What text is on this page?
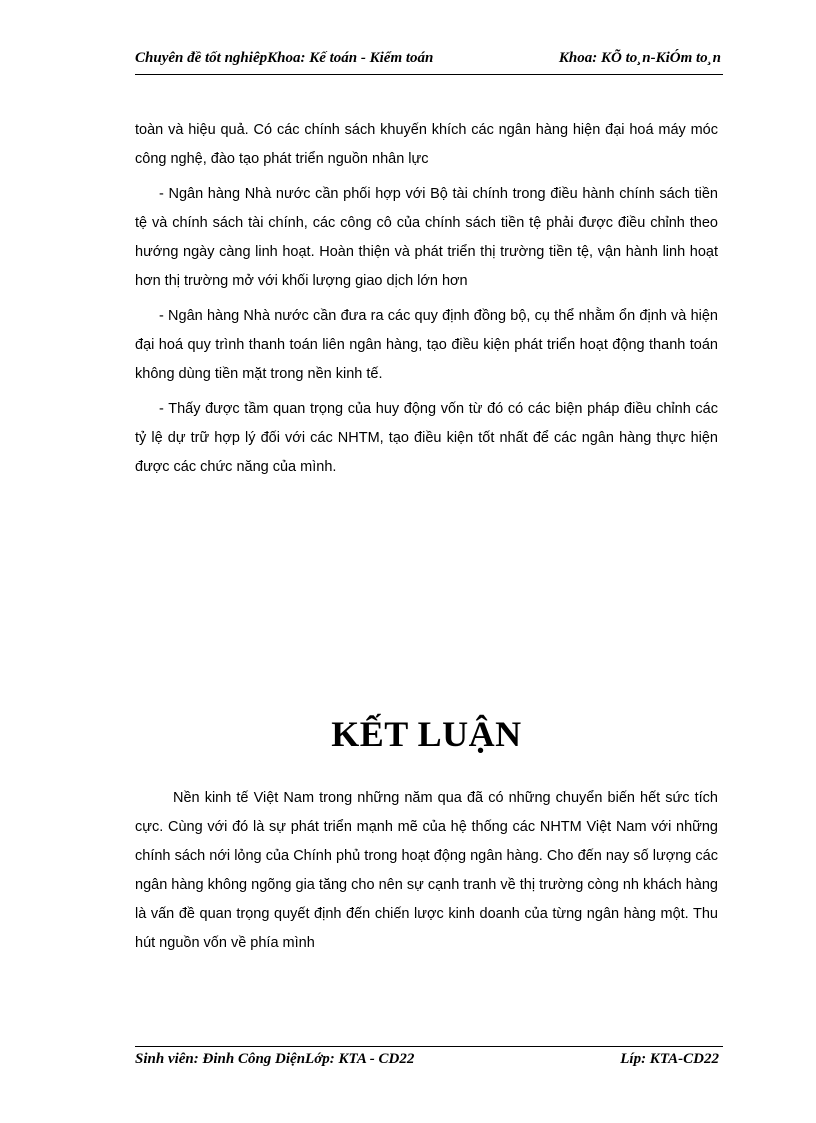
Chuyên đề tốt nghiêpKhoa: Kế toán - Kiểm toán	Khoa: KÕ to¸n-KiÓm to¸n

toàn và hiệu quả. Có các chính sách khuyến khích các ngân hàng hiện đại hoá máy móc công nghệ, đào tạo phát triển nguồn nhân lực

- Ngân hàng Nhà nước cần phối hợp với Bộ tài chính trong điều hành chính sách tiền tệ và chính sách tài chính, các công cô của chính sách tiền tệ phải được điều chỉnh theo hướng ngày càng linh hoạt. Hoàn thiện và phát triển thị trường tiền tệ, vận hành linh hoạt hơn thị trường mở với khối lượng giao dịch lớn hơn

- Ngân hàng Nhà nước cần đưa ra các quy định đồng bộ, cụ thể nhằm ổn định và hiện đại hoá quy trình thanh toán liên ngân hàng, tạo điều kiện phát triển hoạt động thanh toán không dùng tiền mặt trong nền kinh tế.

- Thấy được tầm quan trọng của huy động vốn từ đó có các biện pháp điều chỉnh các tỷ lệ dự trữ hợp lý đối với các NHTM, tạo điều kiện tốt nhất để các ngân hàng thực hiện được các chức năng của mình.

KẾT LUẬN

Nền kinh tế Việt Nam trong những năm qua đã có những chuyển biến hết sức tích cực. Cùng với đó là sự phát triển mạnh mẽ của hệ thống các NHTM Việt Nam với những chính sách nới lỏng của Chính phủ trong hoạt động ngân hàng. Cho đến nay số lượng các ngân hàng không ngõng gia tăng cho nên sự cạnh tranh về thị trường còng nh khách hàng là vấn đề quan trọng quyết định đến chiến lược kinh doanh của từng ngân hàng một. Thu hút nguồn vốn về phía mình

Sinh viên: Đinh Công DiệnLớp: KTA - CD22	Líp: KTA-CD22
